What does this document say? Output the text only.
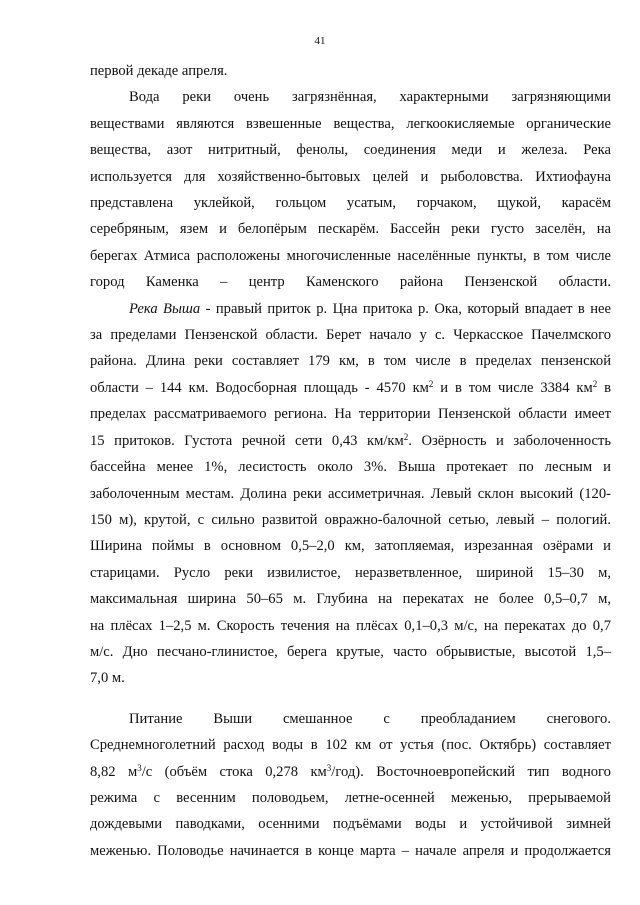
41

первой декаде апреля.

Вода реки очень загрязнённая, характерными загрязняющими
веществами являются взвешенные вещества, легкоокисляемые органические
вещества, азот нитритный, фенолы, соединения меди и железа. Река
используется для хозяйственно-бытовых целей и рыболовства. Ихтиофауна
представлена уклейкой, гольцом усатым, горчаком, щукой, карасём
серебряным, язем и белопёрым пескарём. Бассейн реки густо заселён, на
берегах Атмиса расположены многочисленные населённые пункты, в том числе
город Каменка – центр Каменского района Пензенской области.

Река Выша - правый приток р. Цна притока р. Ока, который впадает в нее
за пределами Пензенской области. Берет начало у с. Черкасское Пачелмского
района. Длина реки составляет 179 км, в том числе в пределах пензенской
области – 144 км. Водосборная площадь - 4570 $км^2$ и в том числе 3384 $км^2$ в
пределах рассматриваемого региона. На территории Пензенской области имеет
15 притоков. Густота речной сети 0,43 $км/км^2$. Озёрность и заболоченность
бассейна менее 1%, лесистость около 3%. Выша протекает по лесным и
заболоченным местам. Долина реки ассиметричная. Левый склон высокий (120-
150 м), крутой, с сильно развитой овражно-балочной сетью, левый – пологий.
Ширина поймы в основном 0,5–2,0 км, затопляемая, изрезанная озёрами и
старицами. Русло реки извилистое, неразветвленное, шириной 15–30 м,
максимальная ширина 50–65 м. Глубина на перекатах не более 0,5–0,7 м,
на плёсах 1–2,5 м. Скорость течения на плёсах 0,1–0,3 м/с, на перекатах до 0,7
м/с. Дно песчано-глинистое, берега крутые, часто обрывистые, высотой 1,5–

7,0 м.

Питание Выши смешанное с преобладанием снегового.
Среднемноголетний расход воды в 102 км от устья (пос. Октябрь) составляет
8,82 $м^3/с$ (объём стока 0,278 $км^3/год$). Восточноевропейский тип водного
режима с весенним половодьем, летне-осенней меженью, прерываемой
дождевыми паводками, осенними подъёмами воды и устойчивой зимней
меженью. Половодье начинается в конце марта – начале апреля и продолжается
